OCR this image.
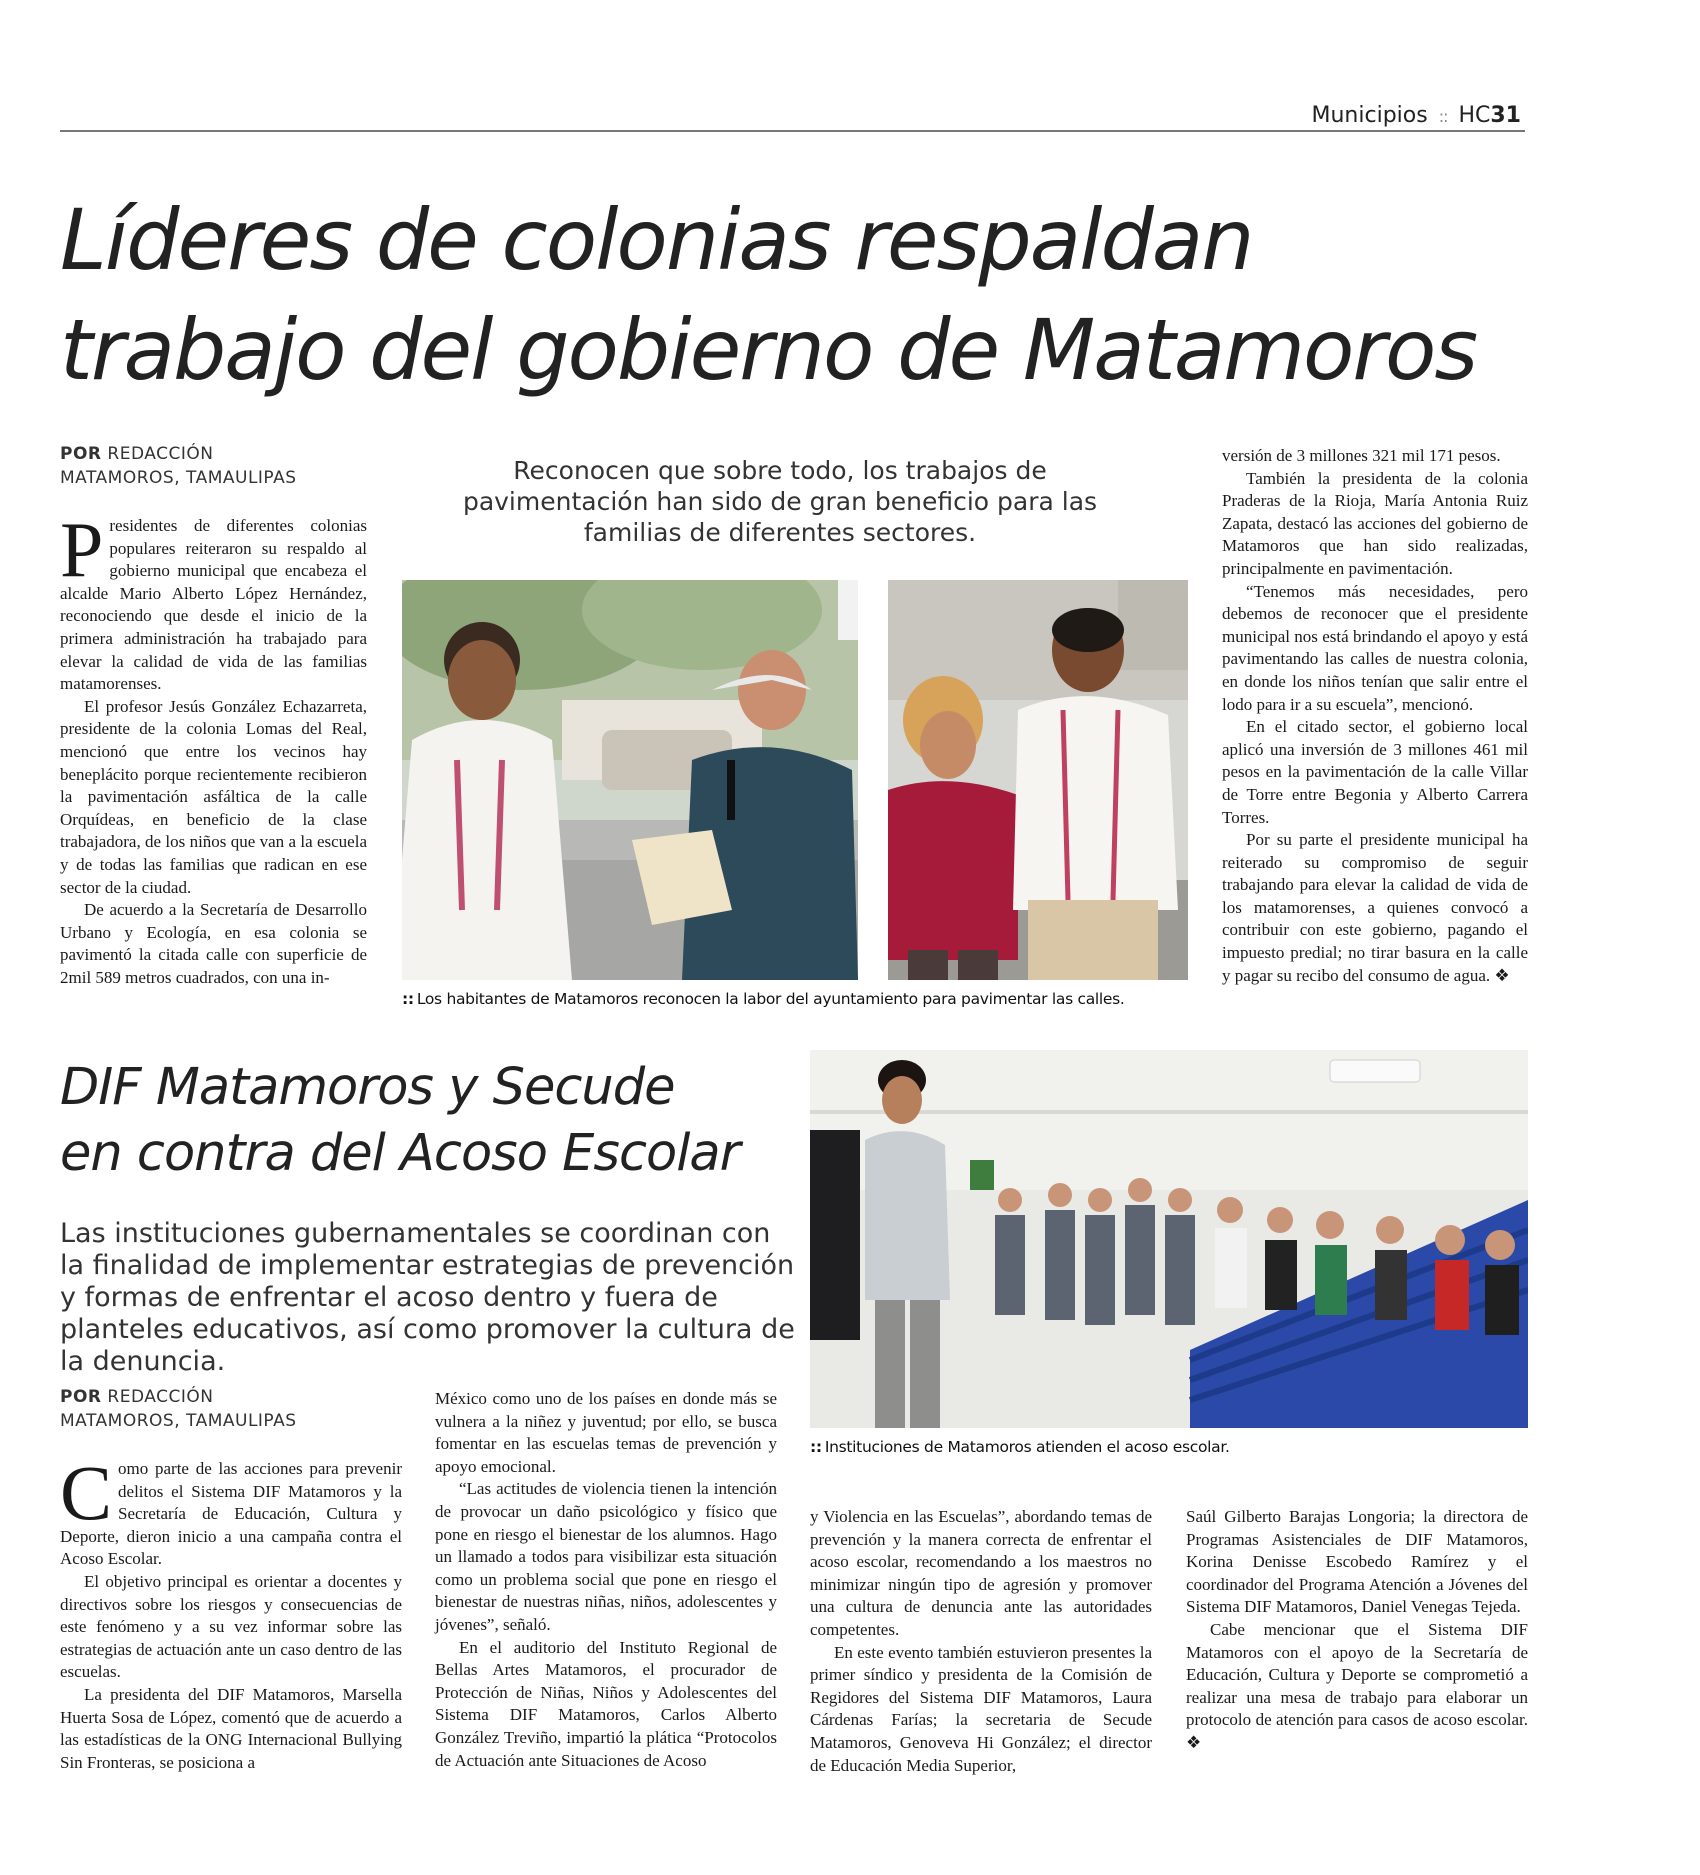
Municipios :: HC31
Líderes de colonias respaldan
trabajo del gobierno de Matamoros
POR REDACCIÓN
MATAMOROS, TAMAULIPAS	Reconocen que sobre todo, los trabajos de pavimentación han sido de gran beneficio para las familias de diferentes sectores.

Presidentes de diferentes colonias populares reiteraron su respaldo al gobierno municipal que encabeza el alcalde Mario Alberto López Hernández, reconociendo que desde el inicio de la primera administración ha trabajado para elevar la calidad de vida de las familias matamorenses.

El profesor Jesús González Echazarreta, presidente de la colonia Lomas del Real, mencionó que entre los vecinos hay beneplácito porque recientemente recibieron la pavimentación asfáltica de la calle Orquídeas, en beneficio de la clase trabajadora, de los niños que van a la escuela y de todas las familias que radican en ese sector de la ciudad.

De acuerdo a la Secretaría de Desarrollo Urbano y Ecología, en esa colonia se pavimentó la citada calle con superficie de 2mil 589 metros cuadrados, con una in-

:: Los habitantes de Matamoros reconocen la labor del ayuntamiento para pavimentar las calles.

versión de 3 millones 321 mil 171 pesos.

También la presidenta de la colonia Praderas de la Rioja, María Antonia Ruiz Zapata, destacó las acciones del gobierno de Matamoros que han sido realizadas, principalmente en pavimentación.

“Tenemos más necesidades, pero debemos de reconocer que el presidente municipal nos está brindando el apoyo y está pavimentando las calles de nuestra colonia, en donde los niños tenían que salir entre el lodo para ir a su escuela”, mencionó.

En el citado sector, el gobierno local aplicó una inversión de 3 millones 461 mil pesos en la pavimentación de la calle Villar de Torre entre Begonia y Alberto Carrera Torres.

Por su parte el presidente municipal ha reiterado su compromiso de seguir trabajando para elevar la calidad de vida de los matamorenses, a quienes convocó a contribuir con este gobierno, pagando el impuesto predial; no tirar basura en la calle y pagar su recibo del consumo de agua. ❖

DIF Matamoros y Secude
en contra del Acoso Escolar
Las instituciones gubernamentales se coordinan con la finalidad de implementar estrategias de prevención y formas de enfrentar el acoso dentro y fuera de planteles educativos, así como promover la cultura de la denuncia.
:: Instituciones de Matamoros atienden el acoso escolar.
POR REDACCIÓN
MATAMOROS, TAMAULIPAS

Como parte de las acciones para prevenir delitos el Sistema DIF Matamoros y la Secretaría de Educación, Cultura y Deporte, dieron inicio a una campaña contra el Acoso Escolar.

El objetivo principal es orientar a docentes y directivos sobre los riesgos y consecuencias de este fenómeno y a su vez informar sobre las estrategias de actuación ante un caso dentro de las escuelas.

La presidenta del DIF Matamoros, Marsella Huerta Sosa de López, comentó que de acuerdo a las estadísticas de la ONG Internacional Bullying Sin Fronteras, se posiciona a

México como uno de los países en donde más se vulnera a la niñez y juventud; por ello, se busca fomentar en las escuelas temas de prevención y apoyo emocional.

“Las actitudes de violencia tienen la intención de provocar un daño psicológico y físico que pone en riesgo el bienestar de los alumnos. Hago un llamado a todos para visibilizar esta situación como un problema social que pone en riesgo el bienestar de nuestras niñas, niños, adolescentes y jóvenes”, señaló.

En el auditorio del Instituto Regional de Bellas Artes Matamoros, el procurador de Protección de Niñas, Niños y Adolescentes del Sistema DIF Matamoros, Carlos Alberto González Treviño, impartió la plática “Protocolos de Actuación ante Situaciones de Acoso

y Violencia en las Escuelas”, abordando temas de prevención y la manera correcta de enfrentar el acoso escolar, recomendando a los maestros no minimizar ningún tipo de agresión y promover una cultura de denuncia ante las autoridades competentes.

En este evento también estuvieron presentes la primer síndico y presidenta de la Comisión de Regidores del Sistema DIF Matamoros, Laura Cárdenas Farías; la secretaria de Secude Matamoros, Genoveva Hi González; el director de Educación Media Superior,

Saúl Gilberto Barajas Longoria; la directora de Programas Asistenciales de DIF Matamoros, Korina Denisse Escobedo Ramírez y el coordinador del Programa Atención a Jóvenes del Sistema DIF Matamoros, Daniel Venegas Tejeda.

Cabe mencionar que el Sistema DIF Matamoros con el apoyo de la Secretaría de Educación, Cultura y Deporte se comprometió a realizar una mesa de trabajo para elaborar un protocolo de atención para casos de acoso escolar. ❖
